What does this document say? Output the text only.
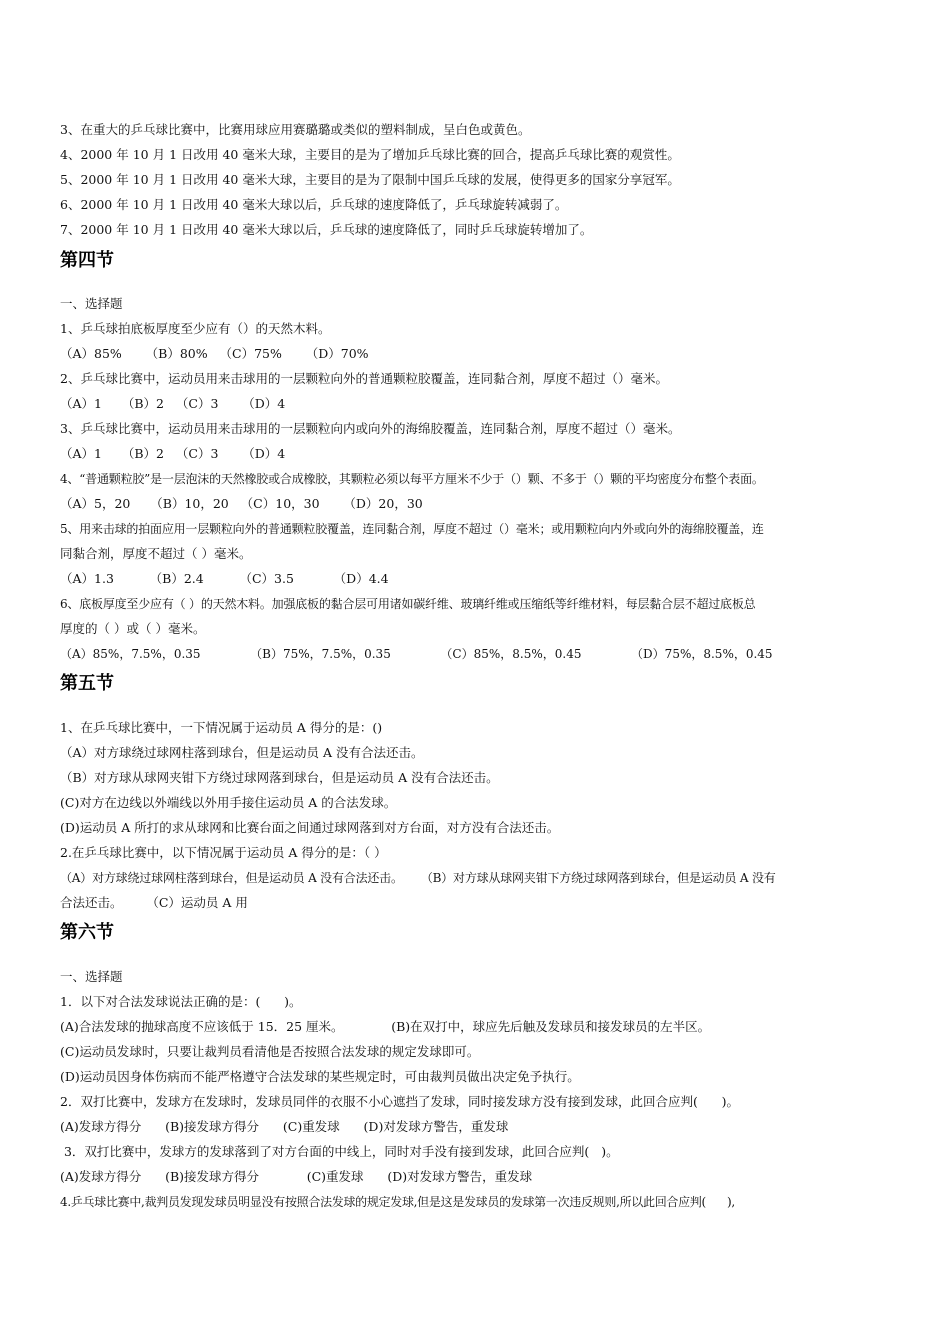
3、在重大的乒乓球比赛中，比赛用球应用赛璐璐或类似的塑料制成，呈白色或黄色。
4、2000 年 10 月 1 日改用 40 毫米大球，主要目的是为了增加乒乓球比赛的回合，提高乒乓球比赛的观赏性。
5、2000 年 10 月 1 日改用 40 毫米大球，主要目的是为了限制中国乒乓球的发展，使得更多的国家分享冠军。
6、2000 年 10 月 1 日改用 40 毫米大球以后，乒乓球的速度降低了，乒乓球旋转减弱了。
7、2000 年 10 月 1 日改用 40 毫米大球以后，乒乓球的速度降低了，同时乒乓球旋转增加了。
第四节
一、选择题
1、乒乓球拍底板厚度至少应有（）的天然木料。
（A）85%      （B）80%   （C）75%      （D）70%
2、乒乓球比赛中，运动员用来击球用的一层颗粒向外的普通颗粒胶覆盖，连同黏合剂，厚度不超过（）毫米。
（A）1     （B）2   （C）3      （D）4
3、乒乓球比赛中，运动员用来击球用的一层颗粒向内或向外的海绵胶覆盖，连同黏合剂，厚度不超过（）毫米。
（A）1     （B）2   （C）3      （D）4
4、“普通颗粒胶”是一层泡沫的天然橡胶或合成橡胶，其颗粒必须以每平方厘米不少于（）颗、不多于（）颗的平均密度分布整个表面。
（A）5，20     （B）10，20   （C）10，30      （D）20，30
5、用来击球的拍面应用一层颗粒向外的普通颗粒胶覆盖，连同黏合剂，厚度不超过（）毫米；或用颗粒向内外或向外的海绵胶覆盖，连
同黏合剂，厚度不超过（ ）毫米。
（A）1.3         （B）2.4         （C）3.5          （D）4.4
6、底板厚度至少应有（ ）的天然木料。加强底板的黏合层可用诸如碳纤维、玻璃纤维或压缩纸等纤维材料，每层黏合层不超过底板总
厚度的（ ）或（ ）毫米。
（A）85%，7.5%，0.35             （B）75%，7.5%，0.35             （C）85%，8.5%，0.45             （D）75%，8.5%，0.45
第五节
1、在乒乓球比赛中，一下情况属于运动员 A 得分的是：()
（A）对方球绕过球网柱落到球台，但是运动员 A 没有合法还击。
（B）对方球从球网夹钳下方绕过球网落到球台，但是运动员 A 没有合法还击。
(C)对方在边线以外端线以外用手接住运动员 A 的合法发球。
(D)运动员 A 所打的求从球网和比赛台面之间通过球网落到对方台面，对方没有合法还击。
2.在乒乓球比赛中，以下情况属于运动员 A 得分的是：（ ）
（A）对方球绕过球网柱落到球台，但是运动员 A 没有合法还击。     （B）对方球从球网夹钳下方绕过球网落到球台，但是运动员 A 没有
合法还击。      （C）运动员 A 用
第六节
一、选择题
1．以下对合法发球说法正确的是：(      )。
(A)合法发球的抛球高度不应该低于 15．25 厘米。            (B)在双打中，球应先后触及发球员和接发球员的左半区。
(C)运动员发球时，只要让裁判员看清他是否按照合法发球的规定发球即可。
(D)运动员因身体伤病而不能严格遵守合法发球的某些规定时，可由裁判员做出决定免予执行。
2．双打比赛中，发球方在发球时，发球员同伴的衣服不小心遮挡了发球，同时接发球方没有接到发球，此回合应判(      )。
(A)发球方得分      (B)接发球方得分      (C)重发球      (D)对发球方警告，重发球
3．双打比赛中，发球方的发球落到了对方台面的中线上，同时对手没有接到发球，此回合应判(   )。
(A)发球方得分      (B)接发球方得分            (C)重发球      (D)对发球方警告，重发球
4.乒乓球比赛中,裁判员发现发球员明显没有按照合法发球的规定发球,但是这是发球员的发球第一次违反规则,所以此回合应判(      ),
